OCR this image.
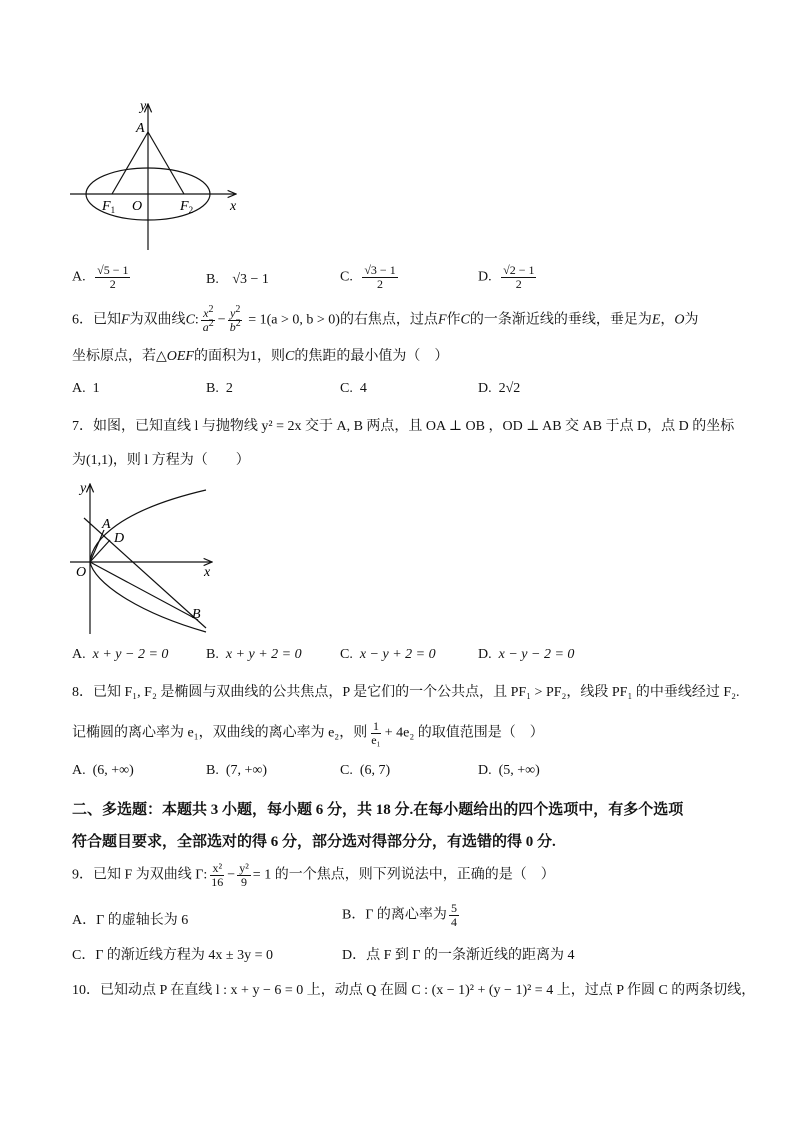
y
A
x
O
$F_1$	$F_2$
A. $\frac{√5 - 1}{2}$	B. √3 − 1	C. $\frac{√3 - 1}{2}$	D. $\frac{√2 - 1}{2}$
6．已知F为双曲线C: $\frac{x^2}{a^2} - \frac{y^2}{b^2} = 1(a > 0$, b > 0)的右焦点，过点F作C的一条渐近线的垂线，垂足为E，O为
坐标原点，若△OEF的面积为1，则C的焦距的最小值为（　）
A. 1	B. 2	C. 4	D. 2√2
7．如图，已知直线 l 与抛物线 y² = 2x 交于 A, B 两点，且 OA ⊥ OB ，OD ⊥ AB 交 AB 于点 D，点 D 的坐标
为(1,1)，则 l 方程为（　　）
y
A
D
O	x
B
A. x + y − 2 = 0	B. x + y + 2 = 0	C. x − y + 2 = 0	D. x − y − 2 = 0
8．已知 F₁, F₂ 是椭圆与双曲线的公共焦点，P 是它们的一个公共点，且 PF₁ > PF₂，线段 PF₁ 的中垂线经过 F₂.
记椭圆的离心率为 e₁，双曲线的离心率为 e₂，则 $\frac{1}{\text{e₁}} + 4e_2$ 的取值范围是（　）
A. (6, +∞)	B. (7, +∞)	C. (6, 7)	D. (5, +∞)
二、多选题：本题共 3 小题，每小题 6 分，共 18 分.在每小题给出的四个选项中，有多个选项
符合题目要求，全部选对的得 6 分，部分选对得部分分，有选错的得 0 分.
9．已知 F 为双曲线 Γ: $\frac{\text{x²}}{16} - \frac{\text{y²}}{9} = 1$ 的一个焦点，则下列说法中，正确的是（　）
A．Γ 的虚轴长为 6	B．Γ 的离心率为 $\frac{5}{4}$
C．Γ 的渐近线方程为 4x ± 3y = 0	D．点 F 到 Γ 的一条渐近线的距离为 4
10．已知动点 P 在直线 l : x + y − 6 = 0 上，动点 Q 在圆 C : (x − 1)² + (y − 1)² = 4 上，过点 P 作圆 C 的两条切线，
